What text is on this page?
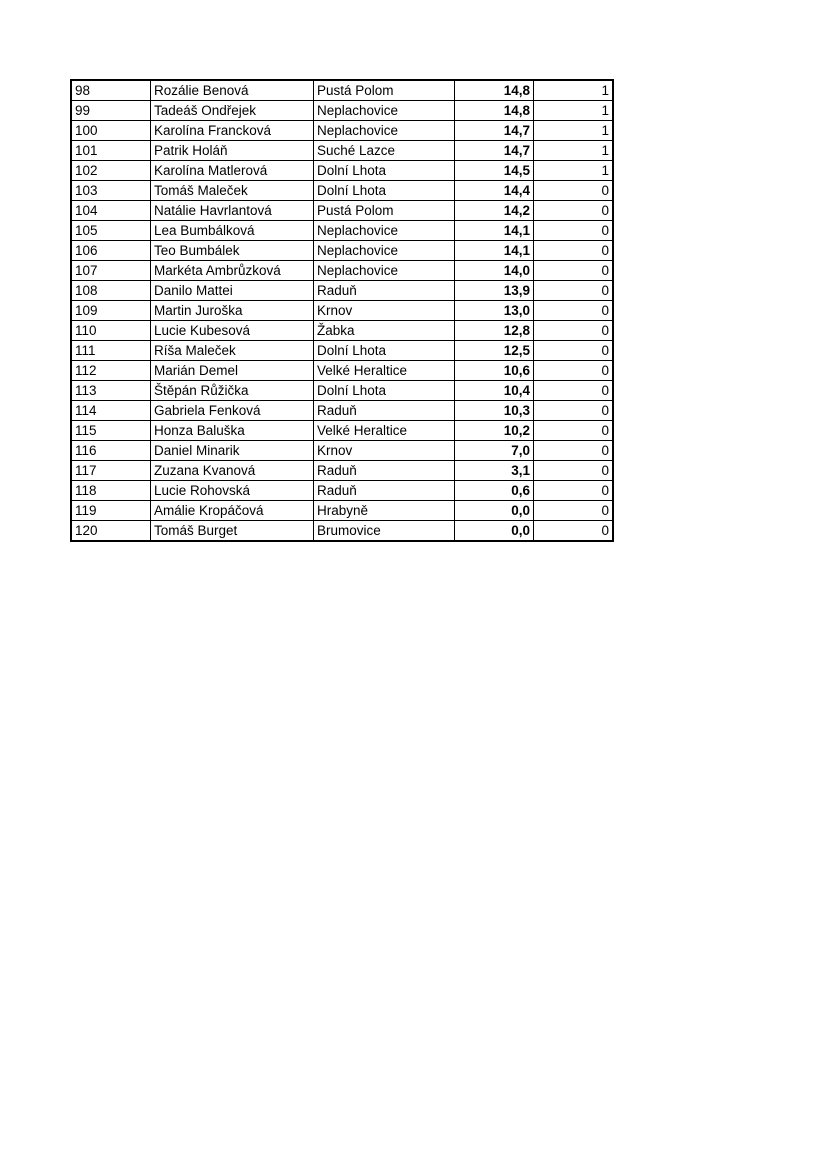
98	Rozálie Benová	Pustá Polom	14,8	1
99	Tadeáš Ondřejek	Neplachovice	14,8	1
100	Karolína Francková	Neplachovice	14,7	1
101	Patrik Holáň	Suché Lazce	14,7	1
102	Karolína Matlerová	Dolní Lhota	14,5	1
103	Tomáš Maleček	Dolní Lhota	14,4	0
104	Natálie Havrlantová	Pustá Polom	14,2	0
105	Lea Bumbálková	Neplachovice	14,1	0
106	Teo Bumbálek	Neplachovice	14,1	0
107	Markéta Ambrůzková	Neplachovice	14,0	0
108	Danilo Mattei	Raduň	13,9	0
109	Martin Juroška	Krnov	13,0	0
110	Lucie Kubesová	Žabka	12,8	0
111	Ríša Maleček	Dolní Lhota	12,5	0
112	Marián Demel	Velké Heraltice	10,6	0
113	Štěpán Růžička	Dolní Lhota	10,4	0
114	Gabriela Fenková	Raduň	10,3	0
115	Honza Baluška	Velké Heraltice	10,2	0
116	Daniel Minarik	Krnov	7,0	0
117	Zuzana Kvanová	Raduň	3,1	0
118	Lucie Rohovská	Raduň	0,6	0
119	Amálie Kropáčová	Hrabyně	0,0	0
120	Tomáš Burget	Brumovice	0,0	0
